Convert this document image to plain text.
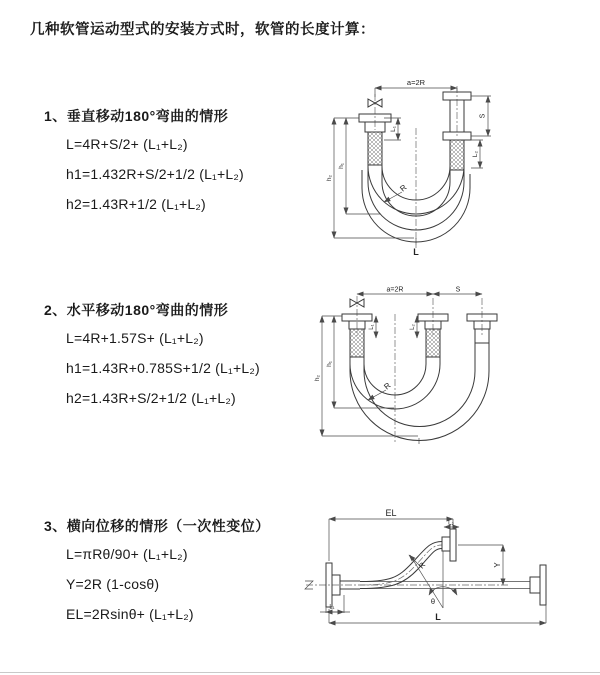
几种软管运动型式的安装方式时，软管的长度计算：
1、垂直移动180°弯曲的情形
L=4R+S/2+ (L₁+L₂)
h1=1.432R+S/2+1/2 (L₁+L₂)
h2=1.43R+1/2 (L₁+L₂)
a=2R
L₁
S
L₂
h₂
h₁
R
L
2、水平移动180°弯曲的情形
L=4R+1.57S+ (L₁+L₂)
h1=1.43R+0.785S+1/2 (L₁+L₂)
h2=1.43R+S/2+1/2 (L₁+L₂)
a=2R	S
L₁	L₂
h₂
h₁
R
3、横向位移的情形（一次性变位）
L=πRθ/90+ (L₁+L₂)
Y=2R (1-cosθ)
EL=2Rsinθ+ (L₁+L₂)
θ
R
EL
L₂
Y
L₁
L
